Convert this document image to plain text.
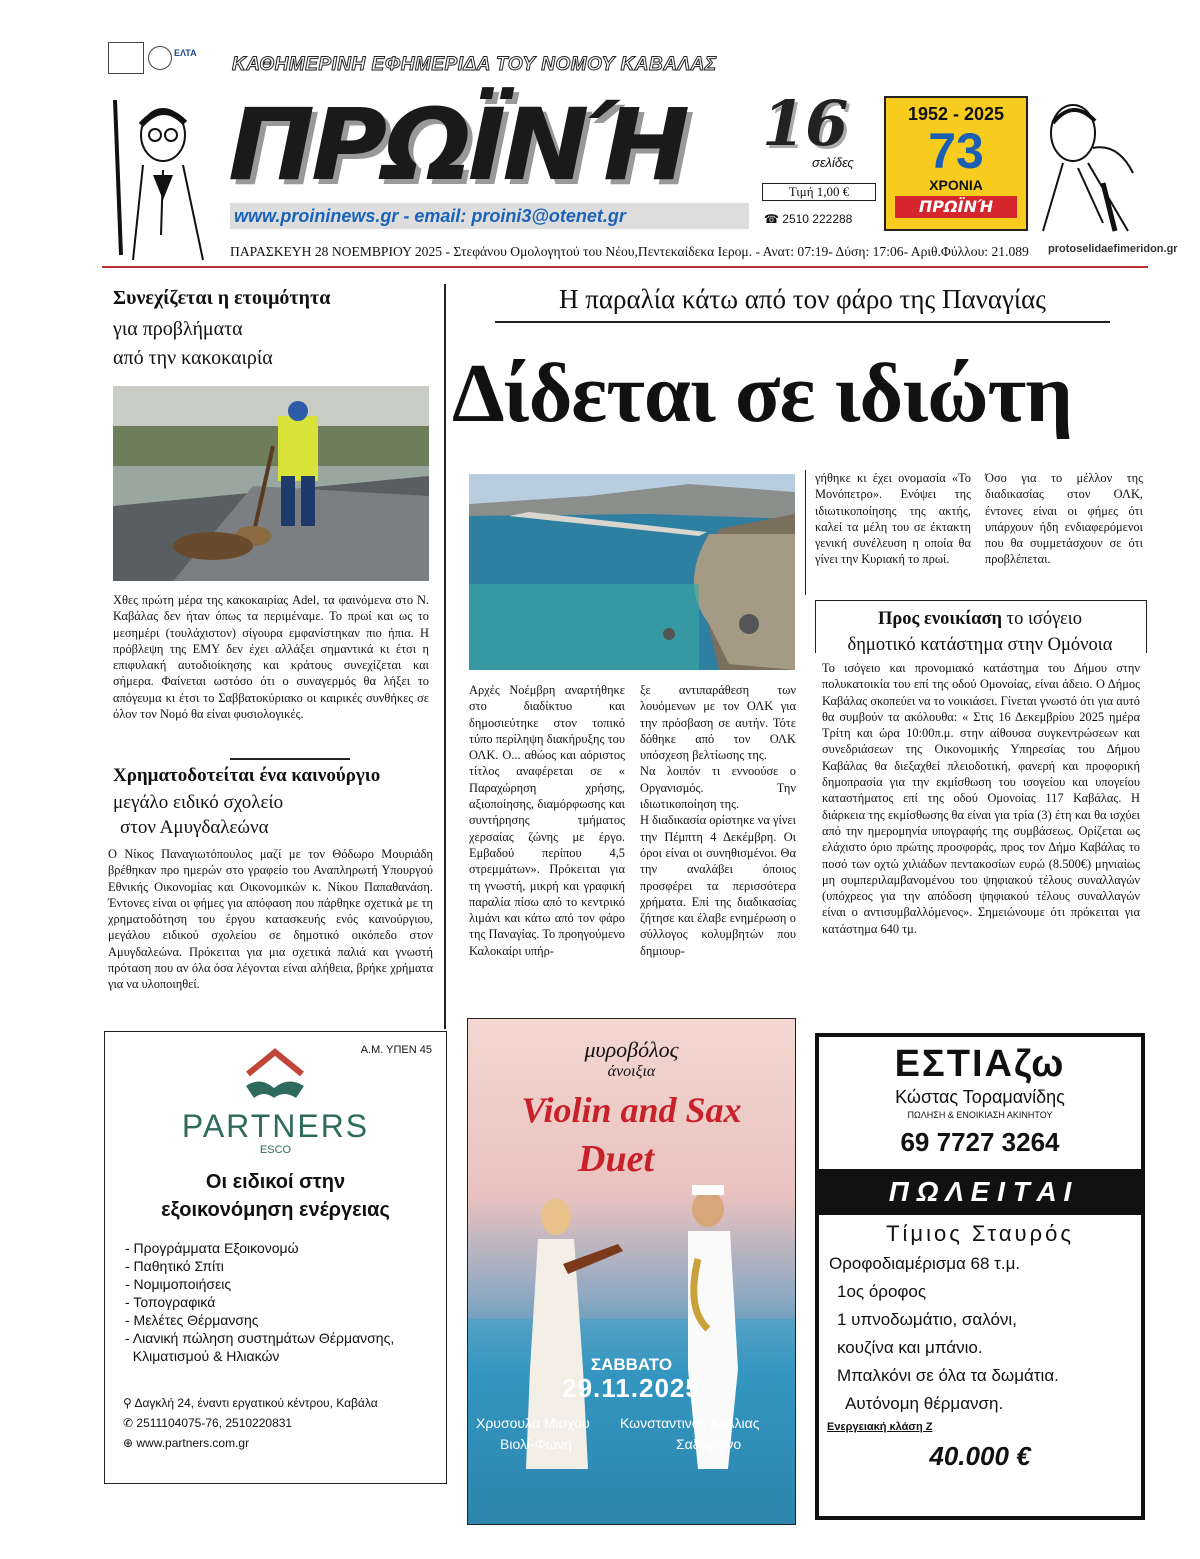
ΕΛΤΑ
ΚΑΘΗΜΕΡΙΝΗ ΕΦΗΜΕΡΙΔΑ ΤΟΥ ΝΟΜΟΥ ΚΑΒΑΛΑΣ
ΠΡΩΪΝΉ
www.proininews.gr - email: proini3@otenet.gr
16
σελίδες
Τιμή 1,00 €
☎ 2510 222288
1952 - 2025
73
ΧΡΟΝΙΑ
ΠΡΩΪΝΉ
ΠΑΡΑΣΚΕΥΗ 28 ΝΟΕΜΒΡΙΟΥ 2025 - Στεφάνου Ομολογητού του Νέου,Πεντεκαίδεκα Ιερομ. - Ανατ: 07:19- Δύση: 17:06- Αριθ.Φύλλου: 21.089	protoselidaefimeridon.gr
Συνεχίζεται η ετοιμότητα
για προβλήματα
από την κακοκαιρία
Χθες πρώτη μέρα της κακοκαιρίας Adel, τα φαινόμενα στο Ν. Καβάλας δεν ήταν όπως τα περιμέναμε. Το πρωί και ως το μεσημέρι (τουλάχιστον) σίγουρα εμφανίστηκαν πιο ήπια. Η πρόβλεψη της ΕΜΥ δεν έχει αλλάξει σημαντικά κι έτσι η επιφυλακή αυτοδιοίκησης και κράτους συνεχίζεται και σήμερα. Φαίνεται ωστόσο ότι ο συναγερμός θα λήξει το απόγευμα κι έτσι το Σαββατοκύριακο οι καιρικές συνθήκες σε όλον τον Νομό θα είναι φυσιολογικές.
Χρηματοδοτείται ένα καινούργιο
μεγάλο ειδικό σχολείο
στον Αμυγδαλεώνα
Ο Νίκος Παναγιωτόπουλος μαζί με τον Θόδωρο Μουριάδη βρέθηκαν προ ημερών στο γραφείο του Αναπληρωτή Υπουργού Εθνικής Οικονομίας και Οικονομικών κ. Νίκου Παπαθανάση. Έντονες είναι οι φήμες για απόφαση που πάρθηκε σχετικά με τη χρηματοδότηση του έργου κατασκευής ενός καινούργιου, μεγάλου ειδικού σχολείου σε δημοτικό οικόπεδο στον Αμυγδαλεώνα. Πρόκειται για μια σχετικά παλιά και γνωστή πρόταση που αν όλα όσα λέγονται είναι αλήθεια, βρήκε χρήματα για να υλοποιηθεί.
Η παραλία κάτω από τον φάρο της Παναγίας
Δίδεται σε ιδιώτη
Αρχές Νοέμβρη αναρτήθηκε στο διαδίκτυο και δημοσιεύτηκε στον τοπικό τύπο περίληψη διακήρυξης του ΟΛΚ. Ο... αθώος και αόριστος τίτλος αναφέρεται σε « Παραχώρηση χρήσης, αξιοποίησης, διαμόρφωσης και συντήρησης τμήματος χερσαίας ζώνης με έργο. Εμβαδού περίπου 4,5 στρεμμάτων». Πρόκειται για τη γνωστή, μικρή και γραφική παραλία πίσω από το κεντρικό λιμάνι και κάτω από τον φάρο της Παναγίας. Το προηγούμενο Καλοκαίρι υπήρ-
ξε αντιπαράθεση των λουόμενων με τον ΟΛΚ για την πρόσβαση σε αυτήν. Τότε δόθηκε από τον ΟΛΚ υπόσχεση βελτίωσης της.
Να λοιπόν τι εννοούσε ο Οργανισμός. Την ιδιωτικοποίηση της.
Η διαδικασία ορίστηκε να γίνει την Πέμπτη 4 Δεκέμβρη. Οι όροι είναι οι συνηθισμένοι. Θα την αναλάβει όποιος προσφέρει τα περισσότερα χρήματα. Επί της διαδικασίας ζήτησε και έλαβε ενημέρωση ο σύλλογος κολυμβητών που δημιουρ-
γήθηκε κι έχει ονομασία «Το Μονόπετρο». Ενόψει της ιδιωτικοποίησης της ακτής, καλεί τα μέλη του σε έκτακτη γενική συνέλευση η οποία θα γίνει την Κυριακή το πρωί.
Όσο για το μέλλον της διαδικασίας στον ΟΛΚ, έντονες είναι οι φήμες ότι υπάρχουν ήδη ενδιαφερόμενοι που θα συμμετάσχουν σε ότι προβλέπεται.
Προς ενοικίαση το ισόγειο
δημοτικό κατάστημα στην Ομόνοια
Το ισόγειο και προνομιακό κατάστημα του Δήμου στην πολυκατοικία του επί της οδού Ομονοίας, είναι άδειο. Ο Δήμος Καβάλας σκοπεύει να το νοικιάσει. Γίνεται γνωστό ότι για αυτό θα συμβούν τα ακόλουθα: « Στις 16 Δεκεμβρίου 2025 ημέρα Τρίτη και ώρα 10:00π.μ. στην αίθουσα συγκεντρώσεων και συνεδριάσεων της Οικονομικής Υπηρεσίας του Δήμου Καβάλας θα διεξαχθεί πλειοδοτική, φανερή και προφορική δημοπρασία για την εκμίσθωση του ισογείου και υπογείου καταστήματος επί της οδού Ομονοίας 117 Καβάλας. Η διάρκεια της εκμίσθωσης θα είναι για τρία (3) έτη και θα ισχύει από την ημερομηνία υπογραφής της συμβάσεως. Ορίζεται ως ελάχιστο όριο πρώτης προσφοράς, προς τον Δήμο Καβάλας το ποσό των οχτώ χιλιάδων πεντακοσίων ευρώ (8.500€) μηνιαίως μη συμπεριλαμβανομένου του ψηφιακού τέλους συναλλαγών (υπόχρεος για την απόδοση ψηφιακού τέλους συναλλαγών είναι ο αντισυμβαλλόμενος». Σημειώνουμε ότι πρόκειται για κατάστημα 640 τμ.
Α.Μ. ΥΠΕΝ 45
PARTNERS
ESCO
Οι ειδικοί στην
εξοικονόμηση ενέργειας
- Προγράμματα Εξοικονομώ
- Παθητικό Σπίτι
- Νομιμοποιήσεις
- Τοπογραφικά
- Μελέτες Θέρμανσης
- Λιανική πώληση συστημάτων Θέρμανσης,
Κλιματισμού & Ηλιακών
⚲ Δαγκλή 24, έναντι εργατικού κέντρου, Καβάλα
✆ 2511104075-76, 2510220831
⊕ www.partners.com.gr
μυροβόλος
άνοιξια
Violin and Sax
Duet
ΣΑΒΒΑΤΟ
29.11.2025
Χρυσουλα Μισχου
Βιολί-Φωνη
Κωνσταντινος Καλλιας
Σαξοφωνο
ΕΣΤΙΑζω
Κώστας Τοραμανίδης
ΠΩΛΗΣΗ & ΕΝΟΙΚΙΑΣΗ ΑΚΙΝΗΤΟΥ
69 7727 3264
Π Ω Λ Ε Ι Τ Α Ι
Τίμιος Σταυρός
Οροφοδιαμέρισμα 68 τ.μ.
1ος όροφος
1 υπνοδωμάτιο, σαλόνι,
κουζίνα και μπάνιο.
Μπαλκόνι σε όλα τα δωμάτια.
Αυτόνομη θέρμανση.
Ενεργειακή κλάση Ζ
40.000 €
